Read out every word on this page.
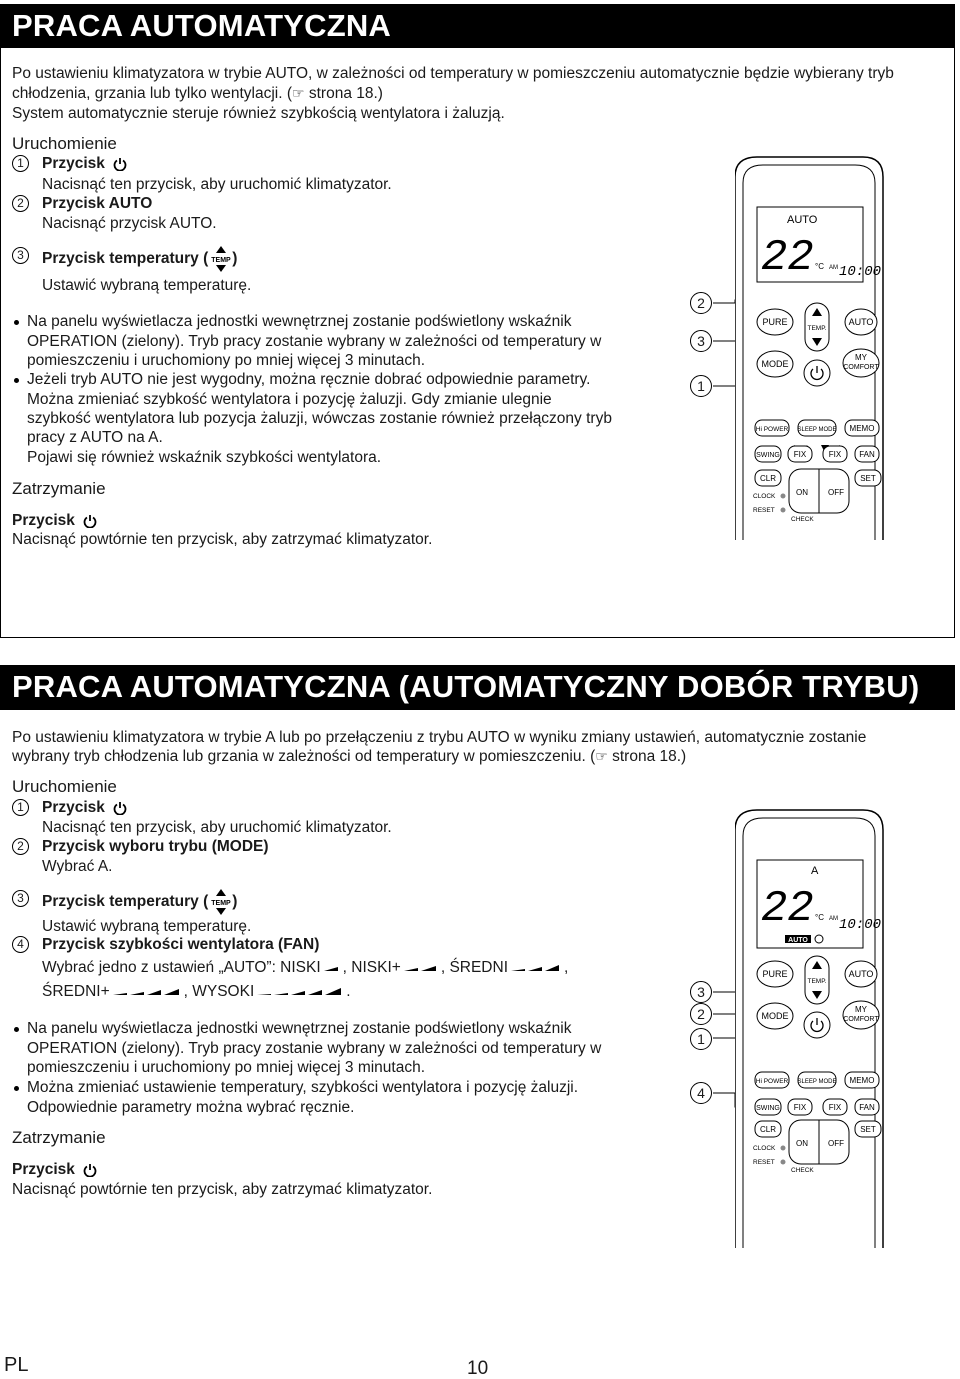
PRACA AUTOMATYCZNA
Po ustawieniu klimatyzatora w trybie AUTO, w zależności od temperatury w pomieszczeniu automatycznie będzie wybierany tryb
chłodzenia, grzania lub tylko wentylacji. (☞ strona 18.)
System automatycznie steruje również szybkością wentylatora i żaluzją.
Uruchomienie
1	Przycisk
Nacisnąć ten przycisk, aby uruchomić klimatyzator.
2	Przycisk AUTO
Nacisnąć przycisk AUTO.
3	Przycisk temperatury ( TEMP )
Ustawić wybraną temperaturę.
Na panelu wyświetlacza jednostki wewnętrznej zostanie podświetlony wskaźnik
OPERATION (zielony). Tryb pracy zostanie wybrany w zależności od temperatury w
pomieszczeniu i uruchomiony po mniej więcej 3 minutach.
Jeżeli tryb AUTO nie jest wygodny, można ręcznie dobrać odpowiednie parametry.
Można zmieniać szybkość wentylatora i pozycję żaluzji. Gdy zmianie ulegnie
szybkość wentylatora lub pozycja żaluzji, wówczas zostanie również przełączony tryb
pracy z AUTO na A.
Pojawi się również wskaźnik szybkości wentylatora.
Zatrzymanie
Przycisk
Nacisnąć powtórnie ten przycisk, aby zatrzymać klimatyzator.
2
3
1
AUTO
22 °C AM 10:00
PURE
TEMP.
AUTO
MODE
MY
COMFORT
Hi POWER SLEEP MODE MEMO
SWING FIX	FIX FAN
CLR
ON	OFF
SET
CLOCK
RESET
CHECK
PRACA AUTOMATYCZNA (AUTOMATYCZNY DOBÓR TRYBU)
Po ustawieniu klimatyzatora w trybie A lub po przełączeniu z trybu AUTO w wyniku zmiany ustawień, automatycznie zostanie
wybrany tryb chłodzenia lub grzania w zależności od temperatury w pomieszczeniu. (☞ strona 18.)
Uruchomienie
1	Przycisk
Nacisnąć ten przycisk, aby uruchomić klimatyzator.
2	Przycisk wyboru trybu (MODE)
Wybrać A.
3	Przycisk temperatury ( TEMP )
Ustawić wybraną temperaturę.
4	Przycisk szybkości wentylatora (FAN)
Wybrać jedno z ustawień „AUTO”: NISKI , NISKI+	, ŚREDNI	,
ŚREDNI+	, WYSOKI	.
Na panelu wyświetlacza jednostki wewnętrznej zostanie podświetlony wskaźnik
OPERATION (zielony). Tryb pracy zostanie wybrany w zależności od temperatury w
pomieszczeniu i uruchomiony po mniej więcej 3 minutach.
Można zmieniać ustawienie temperatury, szybkości wentylatora i pozycję żaluzji.
Odpowiednie parametry można wybrać ręcznie.
Zatrzymanie
Przycisk
Nacisnąć powtórnie ten przycisk, aby zatrzymać klimatyzator.
3
2
1
4
A
22 °C AM 10:00
AUTO
PURE
TEMP.
AUTO
MODE
MY
COMFORT
Hi POWER SLEEP MODE MEMO
SWING FIX	FIX FAN
CLR
ON	OFF
SET
CLOCK
RESET
CHECK
PL	10
